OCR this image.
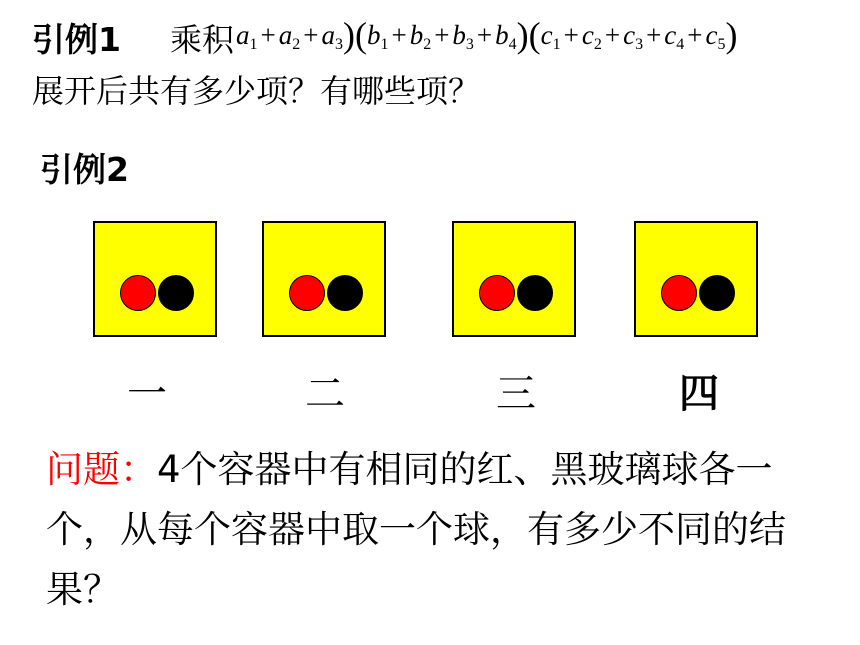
引例1 乘积 $a_1 + a_2 + a_3)(b_1 + b_2 + b_3 + b_4)(c_1 + c_2 + c_3 + c_4 + c_5)$
展开后共有多少项？有哪些项？
引例2
一	二	三	四
问题：4个容器中有相同的红、黑玻璃球各一个，从每个容器中取一个球，有多少不同的结果？
